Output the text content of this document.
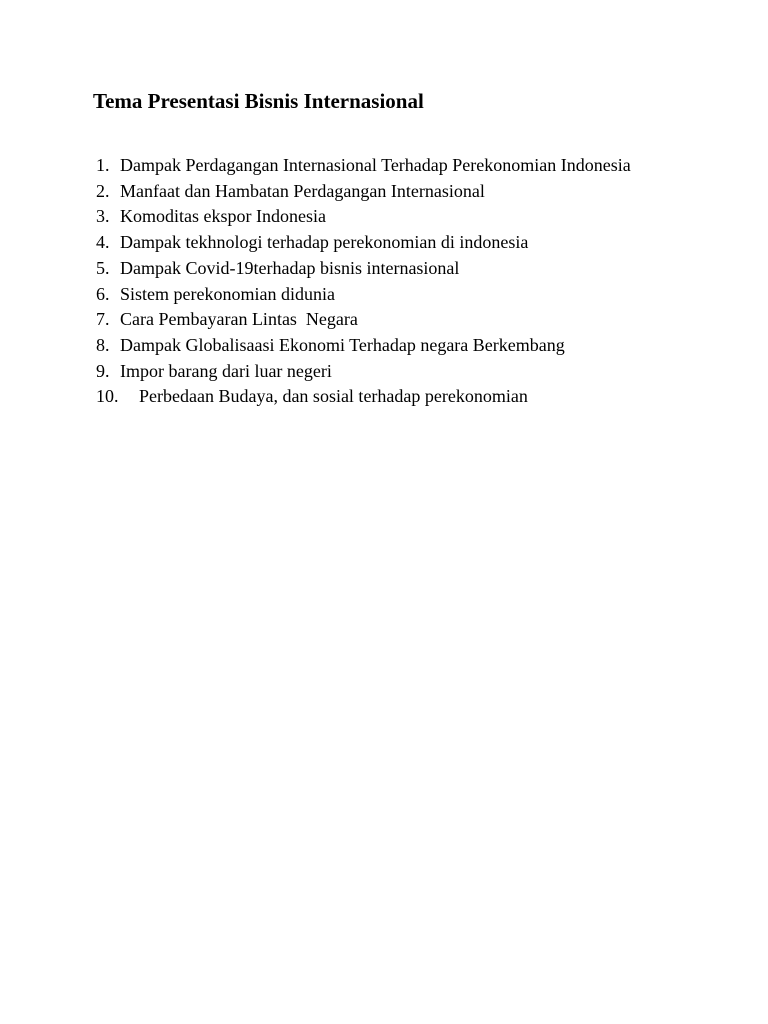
Tema Presentasi Bisnis Internasional
1. Dampak Perdagangan Internasional Terhadap Perekonomian Indonesia
2. Manfaat dan Hambatan Perdagangan Internasional
3. Komoditas ekspor Indonesia
4. Dampak tekhnologi terhadap perekonomian di indonesia
5. Dampak Covid-19terhadap bisnis internasional
6. Sistem perekonomian didunia
7. Cara Pembayaran Lintas  Negara
8. Dampak Globalisaasi Ekonomi Terhadap negara Berkembang
9. Impor barang dari luar negeri
10. Perbedaan Budaya, dan sosial terhadap perekonomian
